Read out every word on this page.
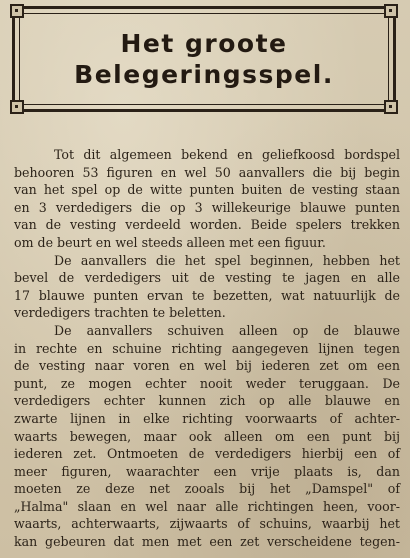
Het groote
Belegeringsspel.
Tot dit algemeen bekend en geliefkoosd bordspel
behooren 53 figuren en wel 50 aanvallers die bij begin
van het spel op de witte punten buiten de vesting staan
en 3 verdedigers die op 3 willekeurige blauwe punten
van de vesting verdeeld worden. Beide spelers trekken
om de beurt en wel steeds alleen met een figuur.
De aanvallers die het spel beginnen, hebben het
bevel de verdedigers uit de vesting te jagen en alle
17 blauwe punten ervan te bezetten, wat natuurlijk de
verdedigers trachten te beletten.
De aanvallers schuiven alleen op de blauwe
in rechte en schuine richting aangegeven lijnen tegen
de vesting naar voren en wel bij iederen zet om een
punt, ze mogen echter nooit weder teruggaan. De
verdedigers echter kunnen zich op alle blauwe en
zwarte lijnen in elke richting voorwaarts of achter-
waarts bewegen, maar ook alleen om een punt bij
iederen zet. Ontmoeten de verdedigers hierbij een of
meer figuren, waarachter een vrije plaats is, dan
moeten ze deze net zooals bij het „Damspel" of
„Halma" slaan en wel naar alle richtingen heen, voor-
waarts, achterwaarts, zijwaarts of schuins, waarbij het
kan gebeuren dat men met een zet verscheidene tegen-
